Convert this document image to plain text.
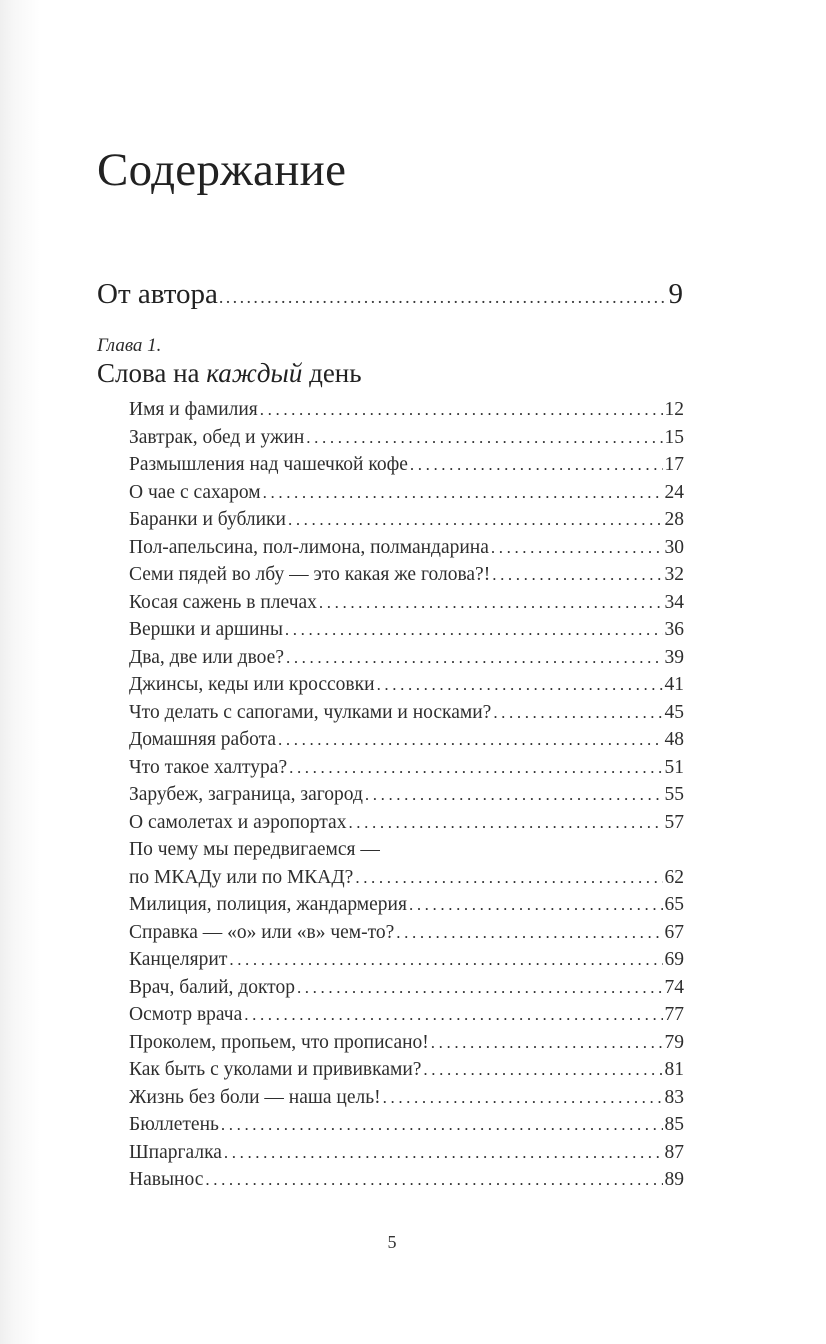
Содержание
От автора .....	9
Глава 1.
Слова на каждый день
Имя и фамилия .....	12
Завтрак, обед и ужин .....	15
Размышления над чашечкой кофе .....	17
О чае с сахаром .....	24
Баранки и бублики .....	28
Пол-апельсина, пол-лимона, полмандарина .....	30
Семи пядей во лбу — это какая же голова?! .....	32
Косая сажень в плечах .....	34
Вершки и аршины .....	36
Два, две или двое? .....	39
Джинсы, кеды или кроссовки .....	41
Что делать с сапогами, чулками и носками? .....	45
Домашняя работа .....	48
Что такое халтура? .....	51
Зарубеж, заграница, загород .....	55
О самолетах и аэропортах .....	57
По чему мы передвигаемся —
по МКАДу или по МКАД? .....	62
Милиция, полиция, жандармерия .....	65
Справка — «о» или «в» чем-то? .....	67
Канцелярит .....	69
Врач, балий, доктор .....	74
Осмотр врача .....	77
Проколем, пропьем, что прописано! .....	79
Как быть с уколами и прививками? .....	81
Жизнь без боли — наша цель! .....	83
Бюллетень .....	85
Шпаргалка .....	87
Навынос .....	89
5
